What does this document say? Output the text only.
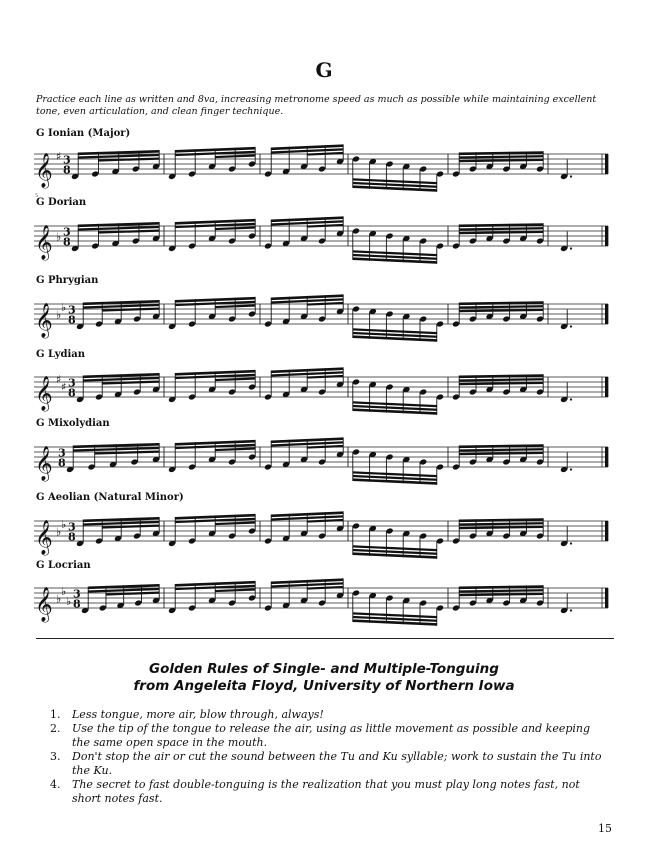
G
Practice each line as written and 8va, increasing metronome speed as much as possible while maintaining excellent tone, even articulation, and clean finger technique.
G Ionian (Major)
𝄞 ♯ 3
8
5
G Dorian
𝄞 ♭ 3
8
G Phrygian
𝄞 ♭
♭ 3
8
G Lydian
𝄞 ♯
♯ 3
8
G Mixolydian
𝄞 3
8
G Aeolian (Natural Minor)
𝄞 ♭
♭ 3
8
G Locrian
𝄞 ♭
♭
♭
3
8
Golden Rules of Single- and Multiple-Tonguing
from Angeleita Floyd, University of Northern Iowa
1. Less tongue, more air, blow through, always!
2. Use the tip of the tongue to release the air, using as little movement as possible and keeping the same open space in the mouth.
3. Don't stop the air or cut the sound between the Tu and Ku syllable; work to sustain the Tu into the Ku.
4. The secret to fast double-tonguing is the realization that you must play long notes fast, not short notes fast.
15
